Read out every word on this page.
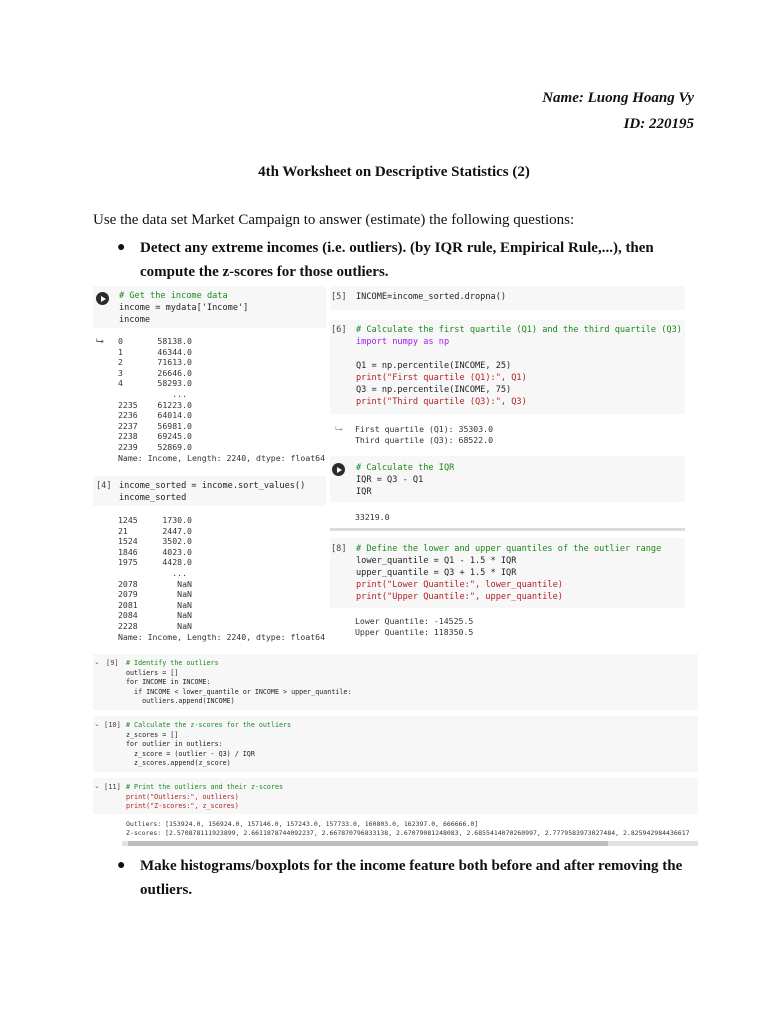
Name: Luong Hoang Vy
ID: 220195
4th Worksheet on Descriptive Statistics (2)
Use the data set Market Campaign to answer (estimate) the following questions:
● Detect any extreme incomes (i.e. outliers). (by IQR rule, Empirical Rule,...), then
compute the z-scores for those outliers.
# Get the income data
income = mydata['Income']
income
⮡ 0       58138.0
1       46344.0
2       71613.0
3       26646.0
4       58293.0
...
2235    61223.0
2236    64014.0
2237    56981.0
2238    69245.0
2239    52869.0
Name: Income, Length: 2240, dtype: float64
[4] income_sorted = income.sort_values()
income_sorted
1245     1730.0
21       2447.0
1524     3502.0
1846     4023.0
1975     4428.0
...
2078        NaN
2079        NaN
2081        NaN
2084        NaN
2228        NaN
Name: Income, Length: 2240, dtype: float64
[5] INCOME=income_sorted.dropna()
[6] # Calculate the first quartile (Q1) and the third quartile (Q3)
import numpy as np

Q1 = np.percentile(INCOME, 25)
print("First quartile (Q1):", Q1)
Q3 = np.percentile(INCOME, 75)
print("Third quartile (Q3):", Q3)
⮡ First quartile (Q1): 35303.0
Third quartile (Q3): 68522.0
# Calculate the IQR
IQR = Q3 - Q1
IQR
33219.0
[8] # Define the lower and upper quantiles of the outlier range
lower_quantile = Q1 - 1.5 * IQR
upper_quantile = Q3 + 1.5 * IQR
print("Lower Quantile:", lower_quantile)
print("Upper Quantile:", upper_quantile)
Lower Quantile: -14525.5
Upper Quantile: 118350.5
⌄ [9] # Identify the outliers
outliers = []
for INCOME in INCOME:
if INCOME < lower_quantile or INCOME > upper_quantile:
outliers.append(INCOME)
⌄ [10] # Calculate the z-scores for the outliers
z_scores = []
for outlier in outliers:
z_score = (outlier - Q3) / IQR
z_scores.append(z_score)
⌄ [11] # Print the outliers and their z-scores
print("Outliers:", outliers)
print("Z-scores:", z_scores)
Outliers: [153924.0, 156924.0, 157146.0, 157243.0, 157733.0, 160803.0, 162397.0, 666666.0]
Z-scores: [2.570878111923899, 2.6611878744092237, 2.667870796833138, 2.67079081248083, 2.6855414070260997, 2.7779583973027484, 2.825942984436617
● Make histograms/boxplots for the income feature both before and after removing the
outliers.
